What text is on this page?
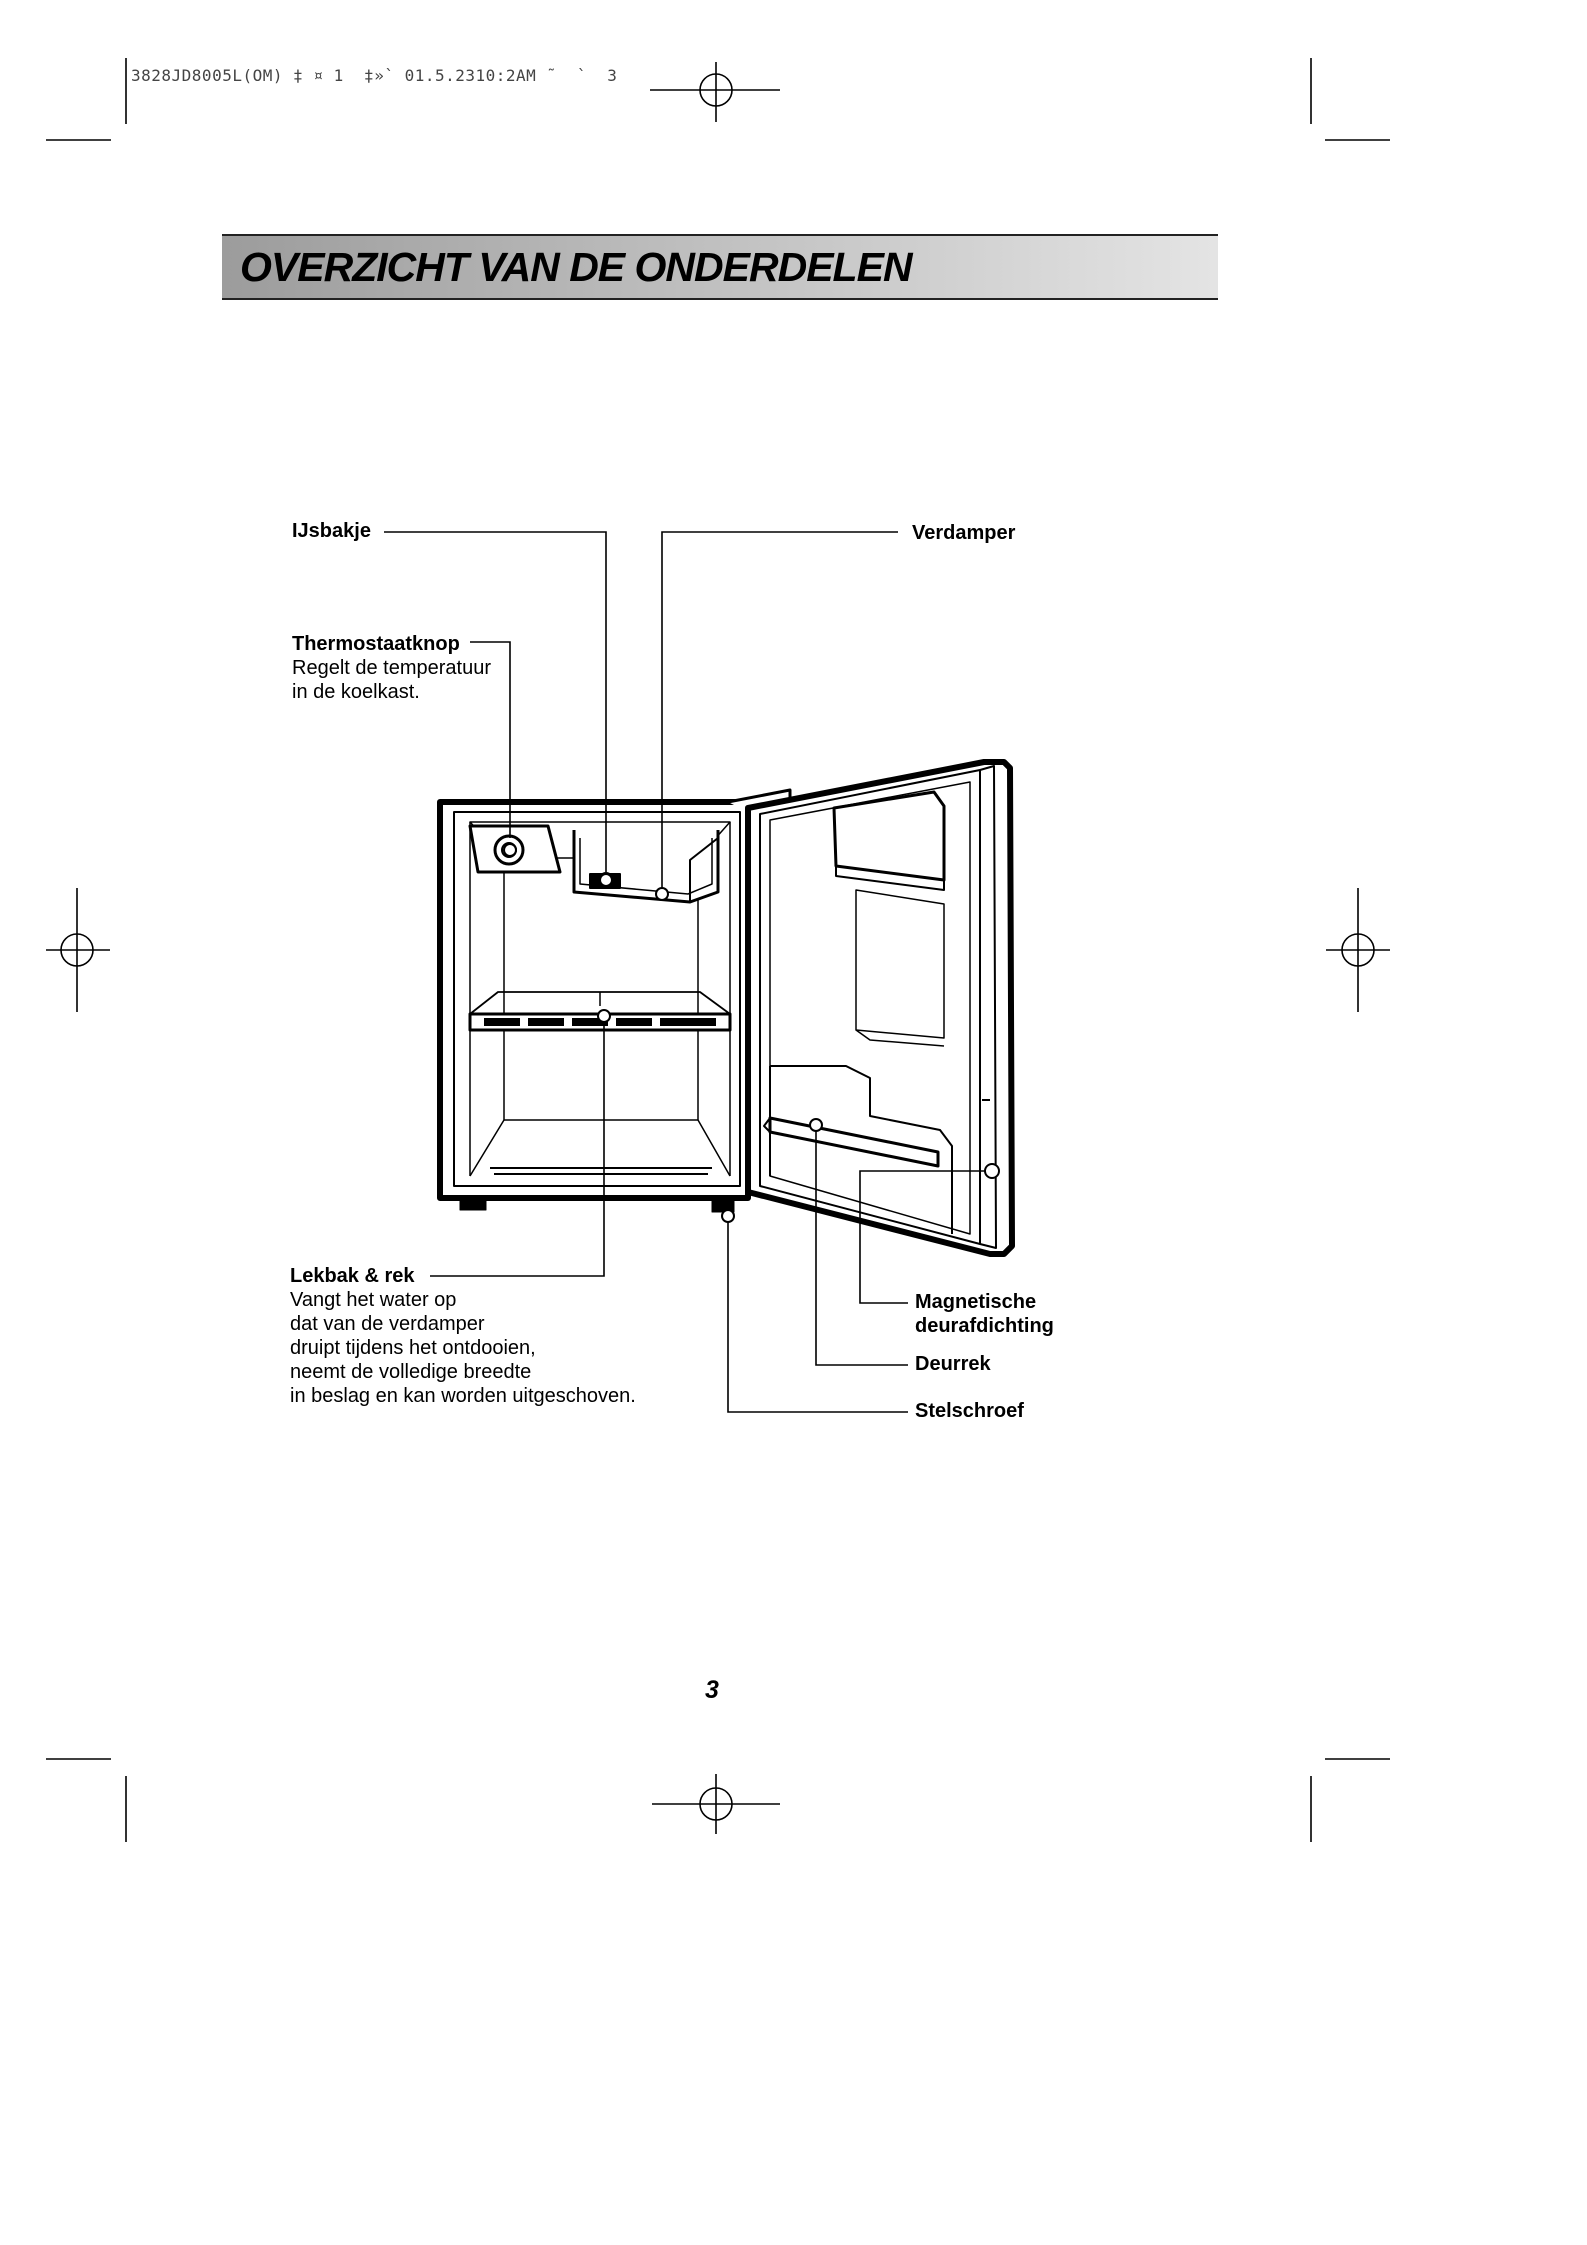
3828JD8005L(OM) ‡ ¤ 1  ‡»` 01.5.2310:2AM ˜  `  3
OVERZICHT VAN DE ONDERDELEN
IJsbakje	Verdamper
Thermostaatknop
Regelt de temperatuur
in de koelkast.
Lekbak & rek
Vangt het water op
dat van de verdamper
druipt tijdens het ontdooien,
neemt de volledige breedte
in beslag en kan worden uitgeschoven.
Magnetische
deurafdichting
Deurrek
Stelschroef
3
